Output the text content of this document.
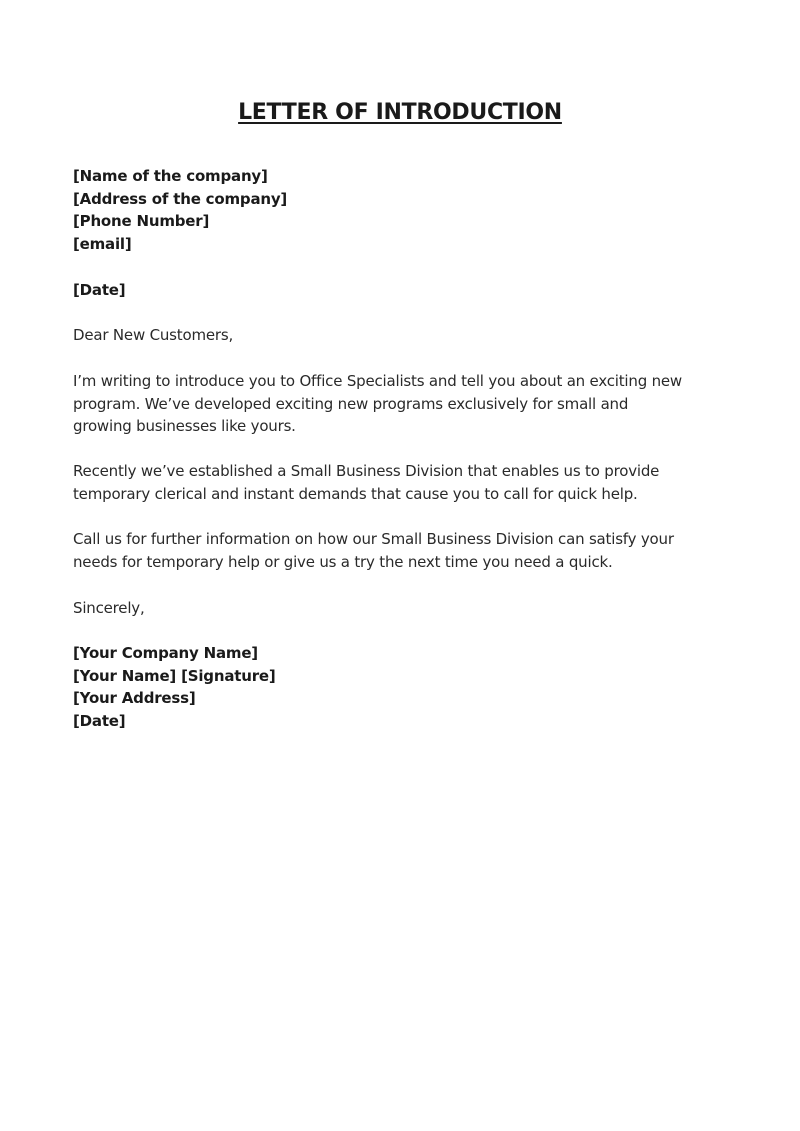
LETTER OF INTRODUCTION
[Name of the company]
[Address of the company]
[Phone Number]
[email]
[Date]
Dear New Customers,
I’m writing to introduce you to Office Specialists and tell you about an exciting new
program. We’ve developed exciting new programs exclusively for small and
growing businesses like yours.
Recently we’ve established a Small Business Division that enables us to provide
temporary clerical and instant demands that cause you to call for quick help.
Call us for further information on how our Small Business Division can satisfy your
needs for temporary help or give us a try the next time you need a quick.
Sincerely,
[Your Company Name]
[Your Name] [Signature]
[Your Address]
[Date]
